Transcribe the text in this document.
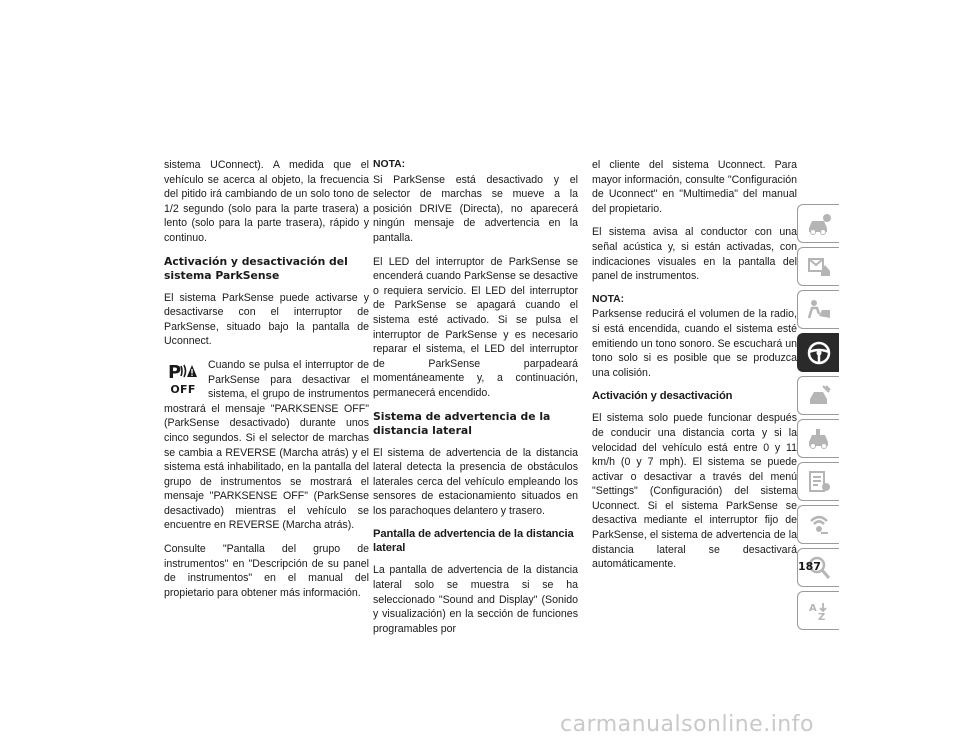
sistema UConnect). A medida que el vehículo se acerca al objeto, la frecuencia del pitido irá cambiando de un solo tono de 1/2 segundo (solo para la parte trasera) a lento (solo para la parte trasera), rápido y continuo.

Activación y desactivación del sistema ParkSense

El sistema ParkSense puede activarse y desactivarse con el interruptor de ParkSense, situado bajo la pantalla de Uconnect.

P
OFF
Cuando se pulsa el interruptor de ParkSense para desactivar el sistema, el grupo de instrumentos mostrará el mensaje "PARKSENSE OFF" (ParkSense desactivado) durante unos cinco segundos. Si el selector de marchas se cambia a REVERSE (Marcha atrás) y el sistema está inhabilitado, en la pantalla del grupo de instrumentos se mostrará el mensaje "PARKSENSE OFF" (ParkSense desactivado) mientras el vehículo se encuentre en REVERSE (Marcha atrás).

Consulte "Pantalla del grupo de instrumentos" en "Descripción de su panel de instrumentos" en el manual del propietario para obtener más información.

NOTA:

Si ParkSense está desactivado y el selector de marchas se mueve a la posición DRIVE (Directa), no aparecerá ningún mensaje de advertencia en la pantalla.

El LED del interruptor de ParkSense se encenderá cuando ParkSense se desactive o requiera servicio. El LED del interruptor de ParkSense se apagará cuando el sistema esté activado. Si se pulsa el interruptor de ParkSense y es necesario reparar el sistema, el LED del interruptor de ParkSense parpadeará momentáneamente y, a continuación, permanecerá encendido.

Sistema de advertencia de la distancia lateral

El sistema de advertencia de la distancia lateral detecta la presencia de obstáculos laterales cerca del vehículo empleando los sensores de estacionamiento situados en los parachoques delantero y trasero.

Pantalla de advertencia de la distancia lateral

La pantalla de advertencia de la distancia lateral solo se muestra si se ha seleccionado "Sound and Display" (Sonido y visualización) en la sección de funciones programables por

el cliente del sistema Uconnect. Para mayor información, consulte "Configuración de Uconnect" en "Multimedia" del manual del propietario.

El sistema avisa al conductor con una señal acústica y, si están activadas, con indicaciones visuales en la pantalla del panel de instrumentos.

NOTA:

Parksense reducirá el volumen de la radio, si está encendida, cuando el sistema esté emitiendo un tono sonoro. Se escuchará un tono solo si es posible que se produzca una colisión.

Activación y desactivación

El sistema solo puede funcionar después de conducir una distancia corta y si la velocidad del vehículo está entre 0 y 11 km/h (0 y 7 mph). El sistema se puede activar o desactivar a través del menú "Settings" (Configuración) del sistema Uconnect. Si el sistema ParkSense se desactiva mediante el interruptor fijo de ParkSense, el sistema de advertencia de la distancia lateral se desactivará automáticamente.

A
Z
187
carmanualsonline.info
